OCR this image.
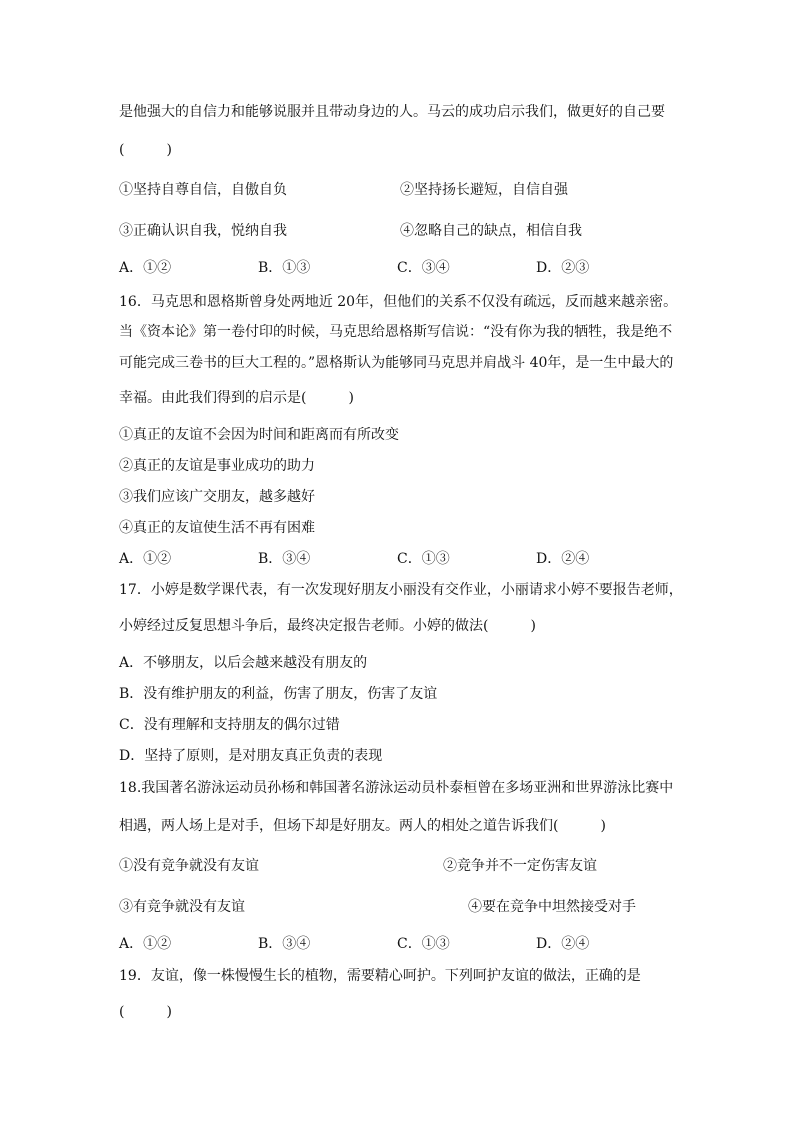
是他强大的自信力和能够说服并且带动身边的人。马云的成功启示我们，做更好的自己要
(　　　)
①坚持自尊自信，自傲自负	②坚持扬长避短，自信自强
③正确认识自我，悦纳自我	④忽略自己的缺点，相信自我
A．①②	B．①③	C．③④	D．②③
16．马克思和恩格斯曾身处两地近 20年，但他们的关系不仅没有疏远，反而越来越亲密。
当《资本论》第一卷付印的时候，马克思给恩格斯写信说：“没有你为我的牺牲，我是绝不
可能完成三卷书的巨大工程的。”恩格斯认为能够同马克思并肩战斗 40年，是一生中最大的
幸福。由此我们得到的启示是(　　　)
①真正的友谊不会因为时间和距离而有所改变
②真正的友谊是事业成功的助力
③我们应该广交朋友，越多越好
④真正的友谊使生活不再有困难
A．①②	B．③④	C．①③	D．②④
17．小婷是数学课代表，有一次发现好朋友小丽没有交作业，小丽请求小婷不要报告老师，
小婷经过反复思想斗争后，最终决定报告老师。小婷的做法(　　　)
A．不够朋友，以后会越来越没有朋友的
B．没有维护朋友的利益，伤害了朋友，伤害了友谊
C．没有理解和支持朋友的偶尔过错
D．坚持了原则，是对朋友真正负责的表现
18.我国著名游泳运动员孙杨和韩国著名游泳运动员朴泰桓曾在多场亚洲和世界游泳比赛中
相遇，两人场上是对手，但场下却是好朋友。两人的相处之道告诉我们(　　　)
①没有竞争就没有友谊	②竞争并不一定伤害友谊
③有竞争就没有友谊	④要在竞争中坦然接受对手
A．①②	B．③④	C．①③	D．②④
19．友谊，像一株慢慢生长的植物，需要精心呵护。下列呵护友谊的做法，正确的是
(　　　)
